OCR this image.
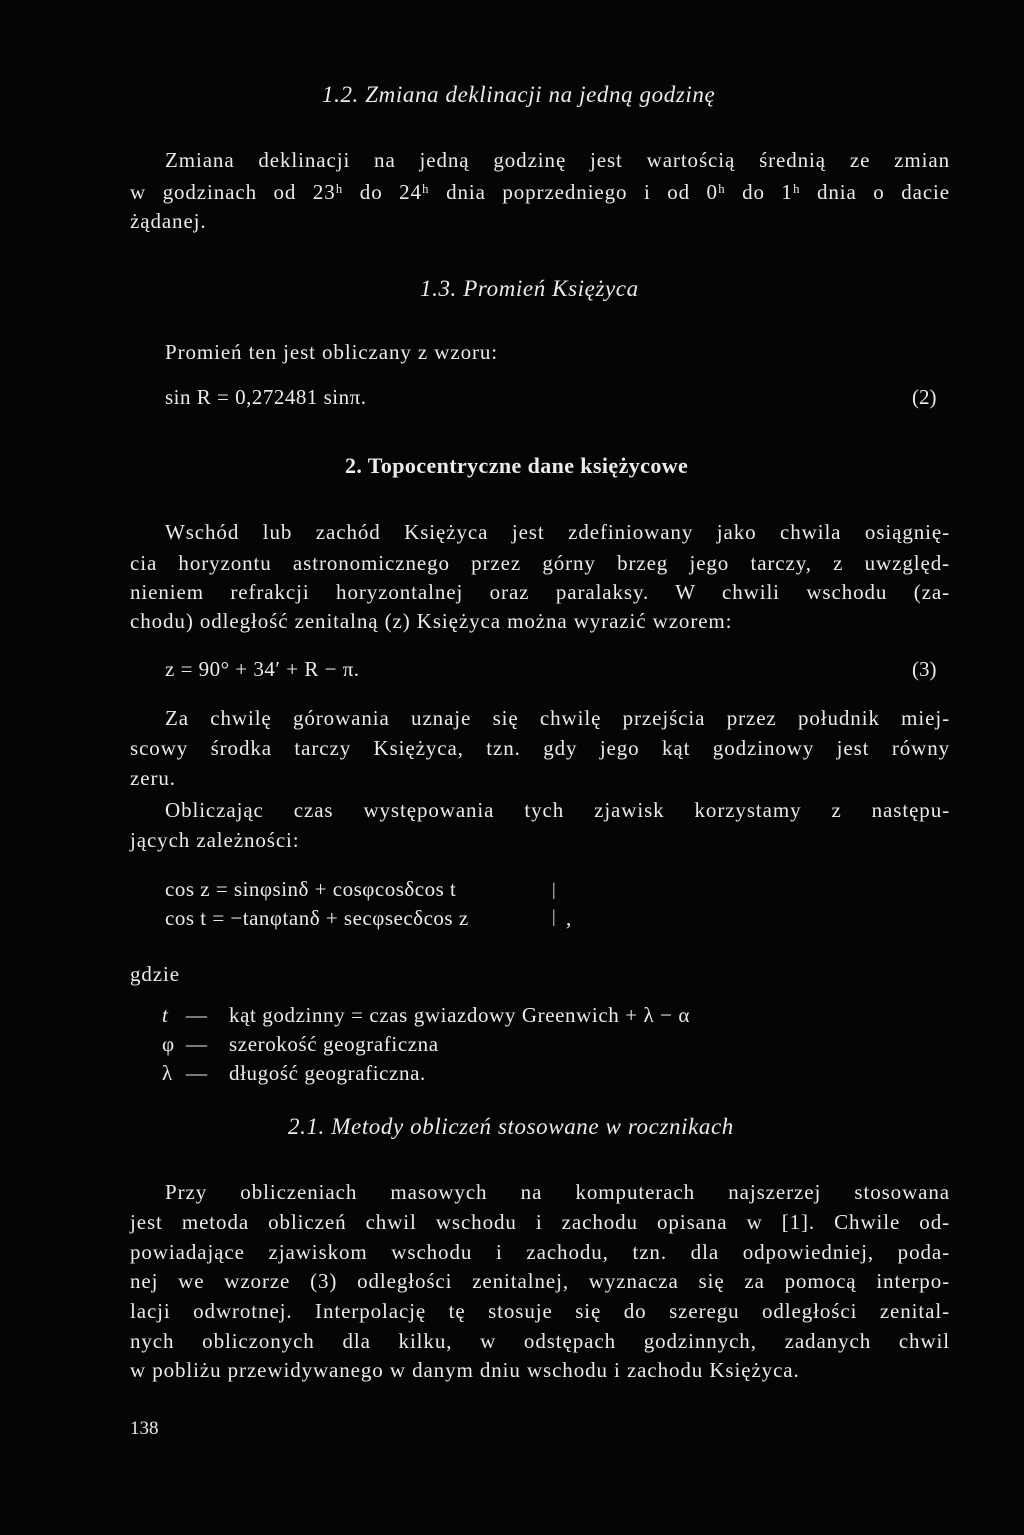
1.2. Zmiana deklinacji na jedną godzinę
Zmiana deklinacji na jedną godzinę jest wartością średnią ze zmian
w godzinach od 23ʰ do 24ʰ dnia poprzedniego i od 0ʰ do 1ʰ dnia o dacie
żądanej.
1.3. Promień Księżyca
Promień ten jest obliczany z wzoru:
sin R = 0,272481 sinπ.	(2)
2. Topocentryczne dane księżycowe
Wschód lub zachód Księżyca jest zdefiniowany jako chwila osiągnię-
cia horyzontu astronomicznego przez górny brzeg jego tarczy, z uwzględ-
nieniem refrakcji horyzontalnej oraz paralaksy. W chwili wschodu (za-
chodu) odległość zenitalną (z) Księżyca można wyrazić wzorem:
z = 90° + 34′ + R − π.	(3)
Za chwilę górowania uznaje się chwilę przejścia przez południk miej-
scowy środka tarczy Księżyca, tzn. gdy jego kąt godzinowy jest równy
zeru.
Obliczając czas występowania tych zjawisk korzystamy z następu-
jących zależności:
cos z = sinφsinδ + cosφcosδcos t
cos t = −tanφtanδ + secφsecδcos z
|
| ,
gdzie
t — kąt godzinny = czas gwiazdowy Greenwich + λ − α
φ — szerokość geograficzna
λ — długość geograficzna.
2.1. Metody obliczeń stosowane w rocznikach
Przy obliczeniach masowych na komputerach najszerzej stosowana
jest metoda obliczeń chwil wschodu i zachodu opisana w [1]. Chwile od-
powiadające zjawiskom wschodu i zachodu, tzn. dla odpowiedniej, poda-
nej we wzorze (3) odległości zenitalnej, wyznacza się za pomocą interpo-
lacji odwrotnej. Interpolację tę stosuje się do szeregu odległości zenital-
nych obliczonych dla kilku, w odstępach godzinnych, zadanych chwil
w pobliżu przewidywanego w danym dniu wschodu i zachodu Księżyca.
138
